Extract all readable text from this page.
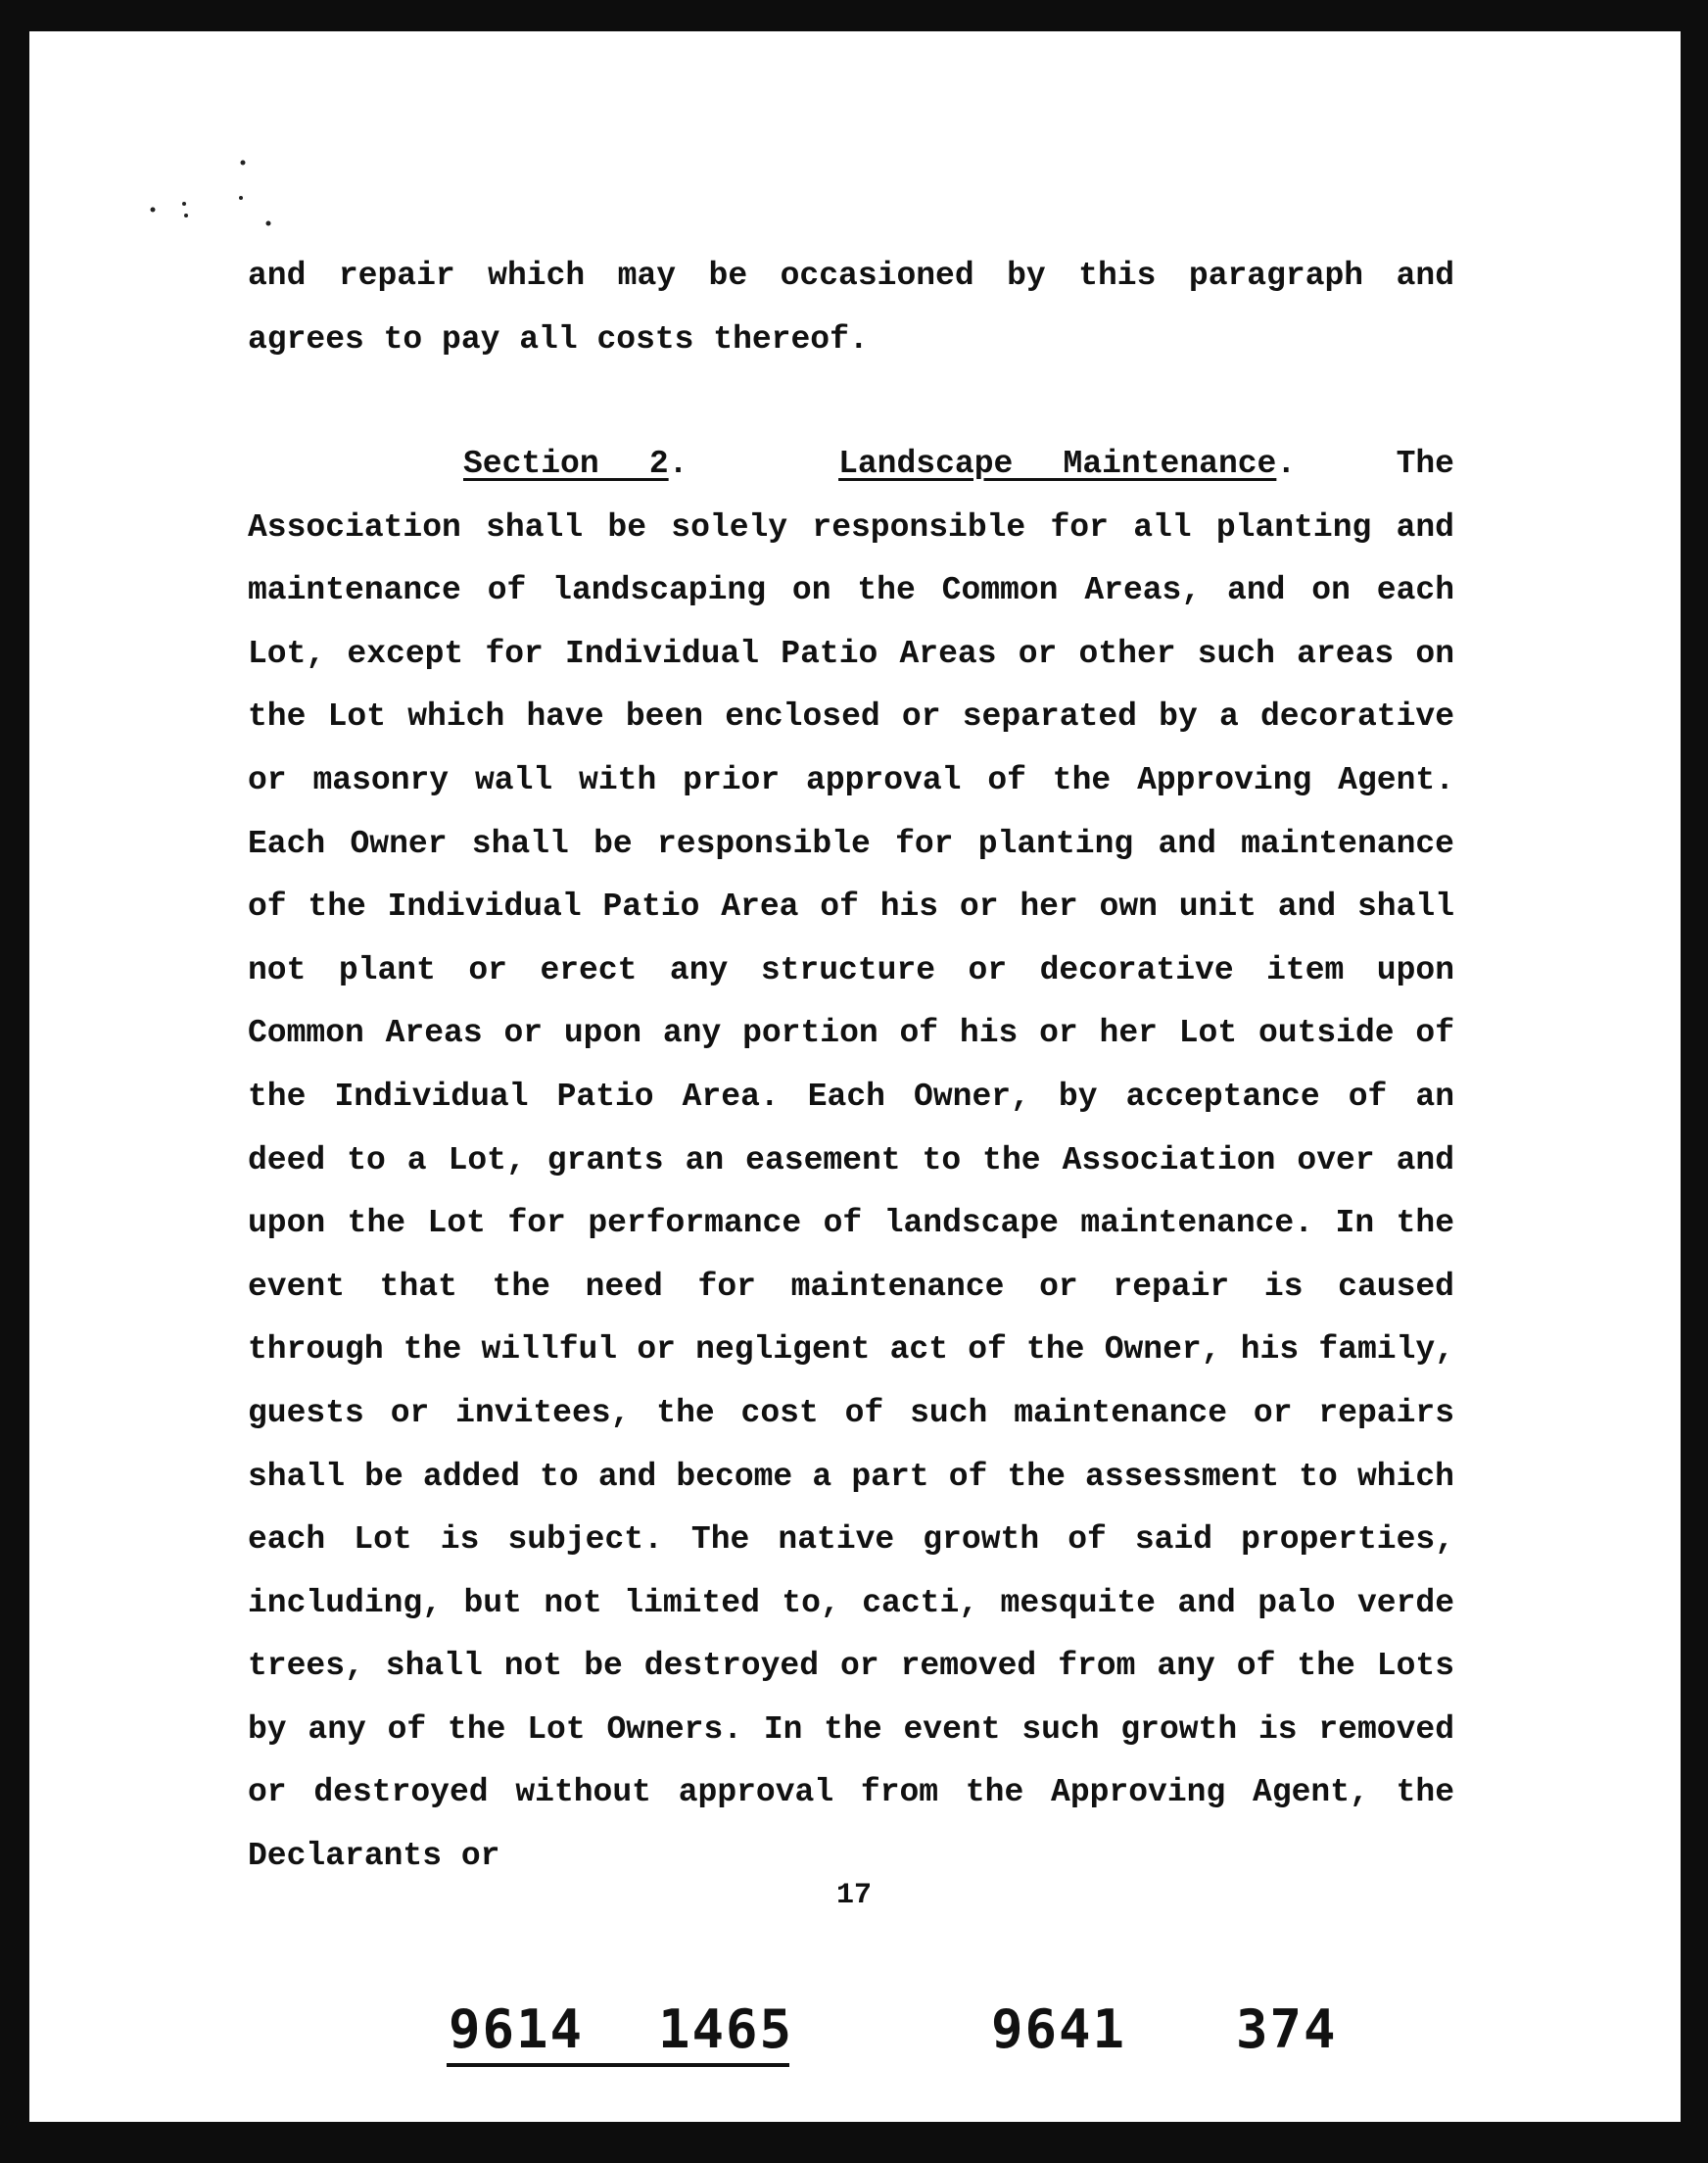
and repair which may be occasioned by this paragraph and agrees to pay all costs thereof.

Section 2.   Landscape Maintenance.  The Association shall be solely responsible for all planting and maintenance of landscaping on the Common Areas, and on each Lot, except for Individual Patio Areas or other such areas on the Lot which have been enclosed or separated by a decorative or masonry wall with prior approval of the Approving Agent. Each Owner shall be responsible for planting and maintenance of the Individual Patio Area of his or her own unit and shall not plant or erect any structure or decorative item upon Common Areas or upon any portion of his or her Lot outside of the Individual Patio Area. Each Owner, by acceptance of an deed to a Lot, grants an easement to the Association over and upon the Lot for performance of landscape maintenance. In the event that the need for maintenance or repair is caused through the willful or negligent act of the Owner, his family, guests or invitees, the cost of such maintenance or repairs shall be added to and become a part of the assessment to which each Lot is subject. The native growth of said properties, including, but not limited to, cacti, mesquite and palo verde trees, shall not be destroyed or removed from any of the Lots by any of the Lot Owners. In the event such growth is removed or destroyed without approval from the Approving Agent, the Declarants or

17
9614 1465	9641 374
